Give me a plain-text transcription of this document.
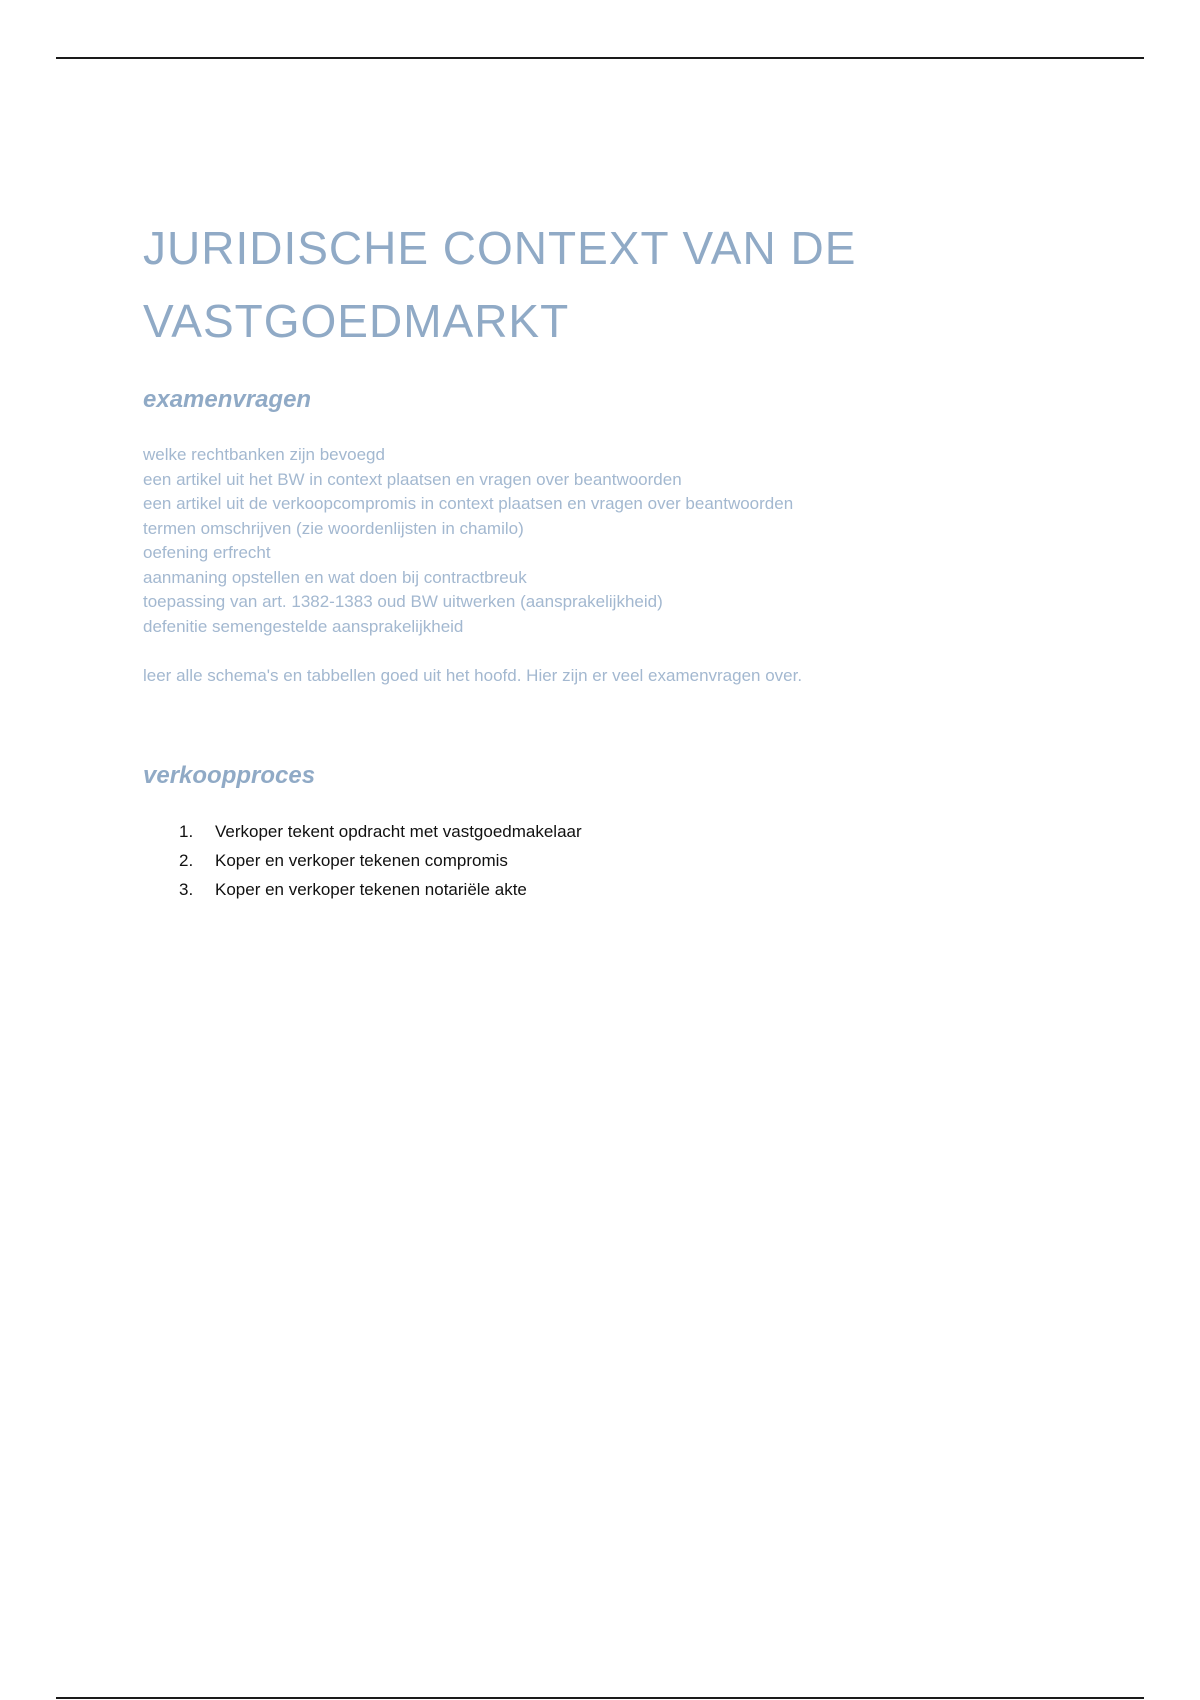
JURIDISCHE CONTEXT VAN DE
VASTGOEDMARKT
examenvragen
welke rechtbanken zijn bevoegd
een artikel uit het BW in context plaatsen en vragen over beantwoorden
een artikel uit de verkoopcompromis in context plaatsen en vragen over beantwoorden
termen omschrijven (zie woordenlijsten in chamilo)
oefening erfrecht
aanmaning opstellen en wat doen bij contractbreuk
toepassing van art. 1382-1383 oud BW uitwerken (aansprakelijkheid)
defenitie semengestelde aansprakelijkheid

leer alle schema's en tabbellen goed uit het hoofd. Hier zijn er veel examenvragen over.

verkoopproces
1. Verkoper tekent opdracht met vastgoedmakelaar
2. Koper en verkoper tekenen compromis
3. Koper en verkoper tekenen notariële akte
